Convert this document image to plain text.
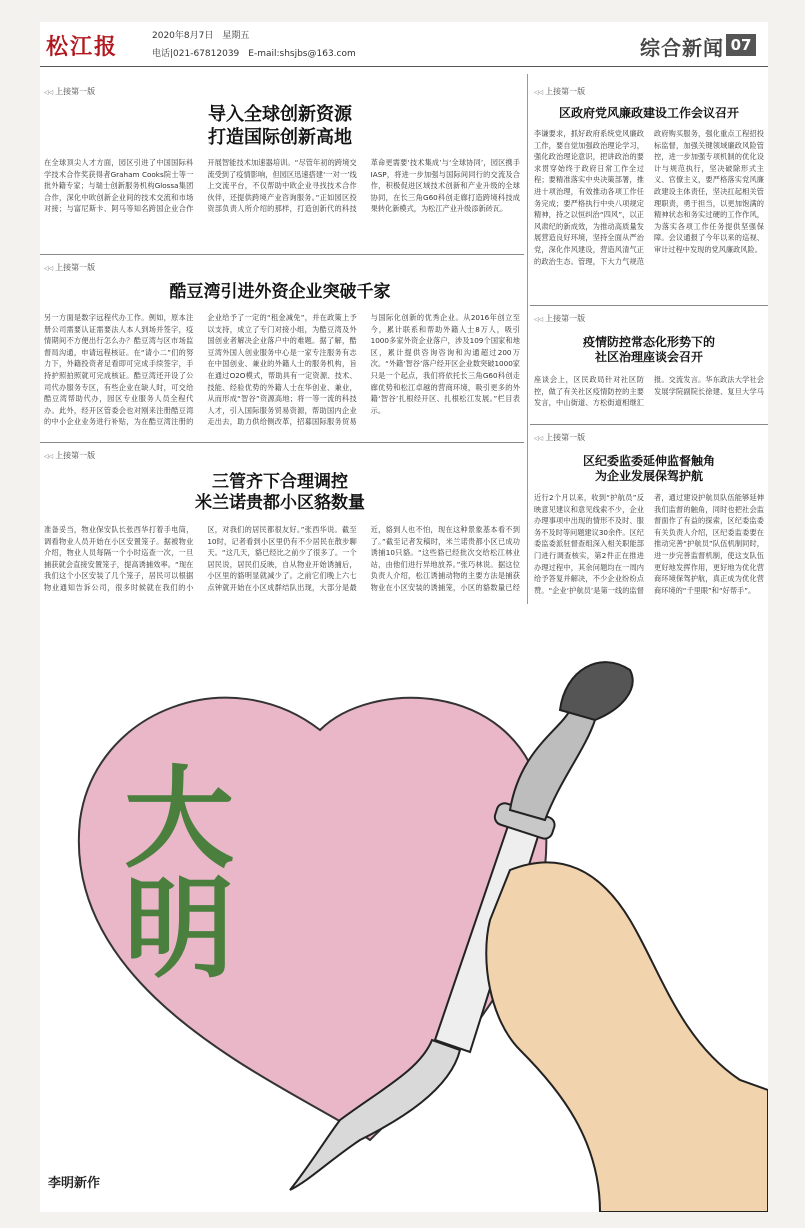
松江报	2020年8月7日　星期五
电话|021-67812039　E-mail:shsjbs@163.com	综合新闻 07
◁◁ 上接第一版
导入全球创新资源
打造国际创新高地
在全球顶尖人才方面，园区引进了中国国际科学技术合作奖获得者Graham Cooks院士等一批外籍专家；与瑞士创新服务机构Glossa集团合作，深化中欧创新企业间的技术交流和市场对接；与富尼斯卡、阿马等知名跨国企业合作开展智能技术加速器培训。“尽管年初的跨境交流受到了疫情影响，但园区迅速搭建‘一对一’线上交流平台，不仅帮助中欧企业寻找技术合作伙伴，还提供跨境产业咨询服务。”正如园区投资部负责人所介绍的那样，打造创新代的科技革命更需要‘技术集成’与‘全球协同’，园区携手IASP，将进一步加强与国际间同行的交流及合作，积极促进区域技术创新和产业升级的全球协同，在长三角G60科创走廊打造跨境科技成果转化新模式，为松江产业升级添新砖瓦。
◁◁ 上接第一版
酷豆湾引进外资企业突破千家
另一方面是数字远程代办工作。例如，原本注册公司需要认证需要法人本人到场并签字，疫情期间不方便出行怎么办？酷豆湾与区市场监督局沟通，申请远程核证。在“请小二”们的努力下，外籍投资者足看即可完成手续签字，手持护照拍照就可完成核证。酷豆湾还开设了公司代办服务专区，有些企业在缺人时，可交给酷豆湾帮助代办，园区专业服务人员全程代办。此外，经开区管委会也对刚来注册酷豆湾的中小企业业务进行补贴，为在酷豆湾注册的企业给予了一定的“租金减免”，并在政策上予以支持，成立了专门对接小组，为酷豆湾及外国创业者解决企业落户中的难题。据了解，酷豆湾外国人创业服务中心是一家专注服务有志在中国创业、兼业的外籍人士的服务机构，旨在通过O2O模式，帮助具有一定资源、技术、技能、经验优势的外籍人士在华创业、兼业，从而形成“智谷”资源高地；将一等一流的科技人才，引入国际服务贸易资源，帮助国内企业走出去，助力供给侧改革，招募国际服务贸易与国际化创新的优秀企业。从2016年创立至今，累计联系和帮助外籍人士8万人，吸引1000多家外资企业落户，涉及109个国家和地区，累计提供咨询咨询和沟通超过200万次。“外籍‘智谷’落户经开区企业数突破1000家只是一个起点，我们将依托长三角G60科创走廊优势和松江卓越的营商环境，吸引更多的外籍‘智谷’扎根经开区、扎根松江发展。”栏目表示。
◁◁ 上接第一版
三管齐下合理调控
米兰诺贵都小区貉数量
准备妥当，物业保安队长张西华打着手电筒，调看物业人员开始在小区安置笼子。据被物业介绍，物业人员每隔一个小时巡查一次，一旦捕获就会直接安置笼子，提高诱捕效率。“现在我们这个小区安装了几个笼子，居民可以根据物业通知告诉公司，很多时候就在我们的小区，对我们的居民都很友好。”张西华说。截至10时，记者看到小区里仍有不少居民在散步聊天。“这几天，貉已经比之前少了很多了。一个居民说，居民们反映，自从物业开始诱捕后，小区里的貉明显就减少了。之前它们晚上六七点钟就开始在小区成群结队出现，大部分是最近，貉到人也不怕，现在这种景象基本看不到了。”截至记者发稿时，米兰诺贵都小区已成功诱捕10只貉。“这些貉已经批次交给松江林业站，由他们进行异地放养。”张巧林说。据这位负责人介绍，松江诱捕动物的主要方法是捕获物业在小区安装的诱捕笼，小区的貉数量已经
◁◁ 上接第一版
区政府党风廉政建设工作会议召开
李谦要求，抓好政府系统党风廉政工作，要自觉加强政治理论学习，强化政治理论意识，把讲政治的要求贯穿始终于政府日常工作全过程；要精准落实中央决策部署，推进十项治理，有效推动各项工作任务完成；要严格执行中央八项规定精神，持之以恒纠治“四风”，以正风肃纪的新成效，为推动高质量发展营造良好环境，坚持全面从严治党，深化作风建设，营造风清气正的政治生态。管理，下大力气规范政府购买服务，强化重点工程招投标监督，加强关键领域廉政风险管控，进一步加强专项机制的优化设计与规范执行，坚决破除形式主义、官僚主义，要严格落实党风廉政建设主体责任，坚决扛起相关管理职责，勇于担当，以更加饱满的精神状态和务实过硬的工作作风，为落实各项工作任务提供坚强保障。会议通报了今年以来的巡视、审计过程中发现的党风廉政风险。
◁◁ 上接第一版
疫情防控常态化形势下的
社区治理座谈会召开
座谈会上，区民政局针对社区防控，做了有关社区疫情防控的主要发言，中山街道、方松街道相继汇报。交流发言。华东政法大学社会发展学院副院长徐建、复旦大学马
◁◁ 上接第一版
区纪委监委延伸监督触角
为企业发展保驾护航
近行2个月以来，收到“护航员”反映意见建议和意见线索不少，企业办理事项中出现的情形不及时、服务不及时等问题建议30余件。区纪委监委派驻督查组深入相关职能部门进行调查核实，第2件正在推进办理过程中，其余问题均在一周内给予答复并解决，不少企业纷纷点赞。“企业‘护航员’是第一线的监督者，通过建设护航员队伍能够延伸我们监督的触角，同时也把社会监督面作了有益的探索，区纪委监委有关负责人介绍，区纪委监委要在推动完善“护航员”队伍机制同时，进一步完善监督机制，使这支队伍更好地发挥作用，更好地为优化营商环境保驾护航，真正成为优化营商环境的“千里眼”和“好帮手”。
大明
李明新作
